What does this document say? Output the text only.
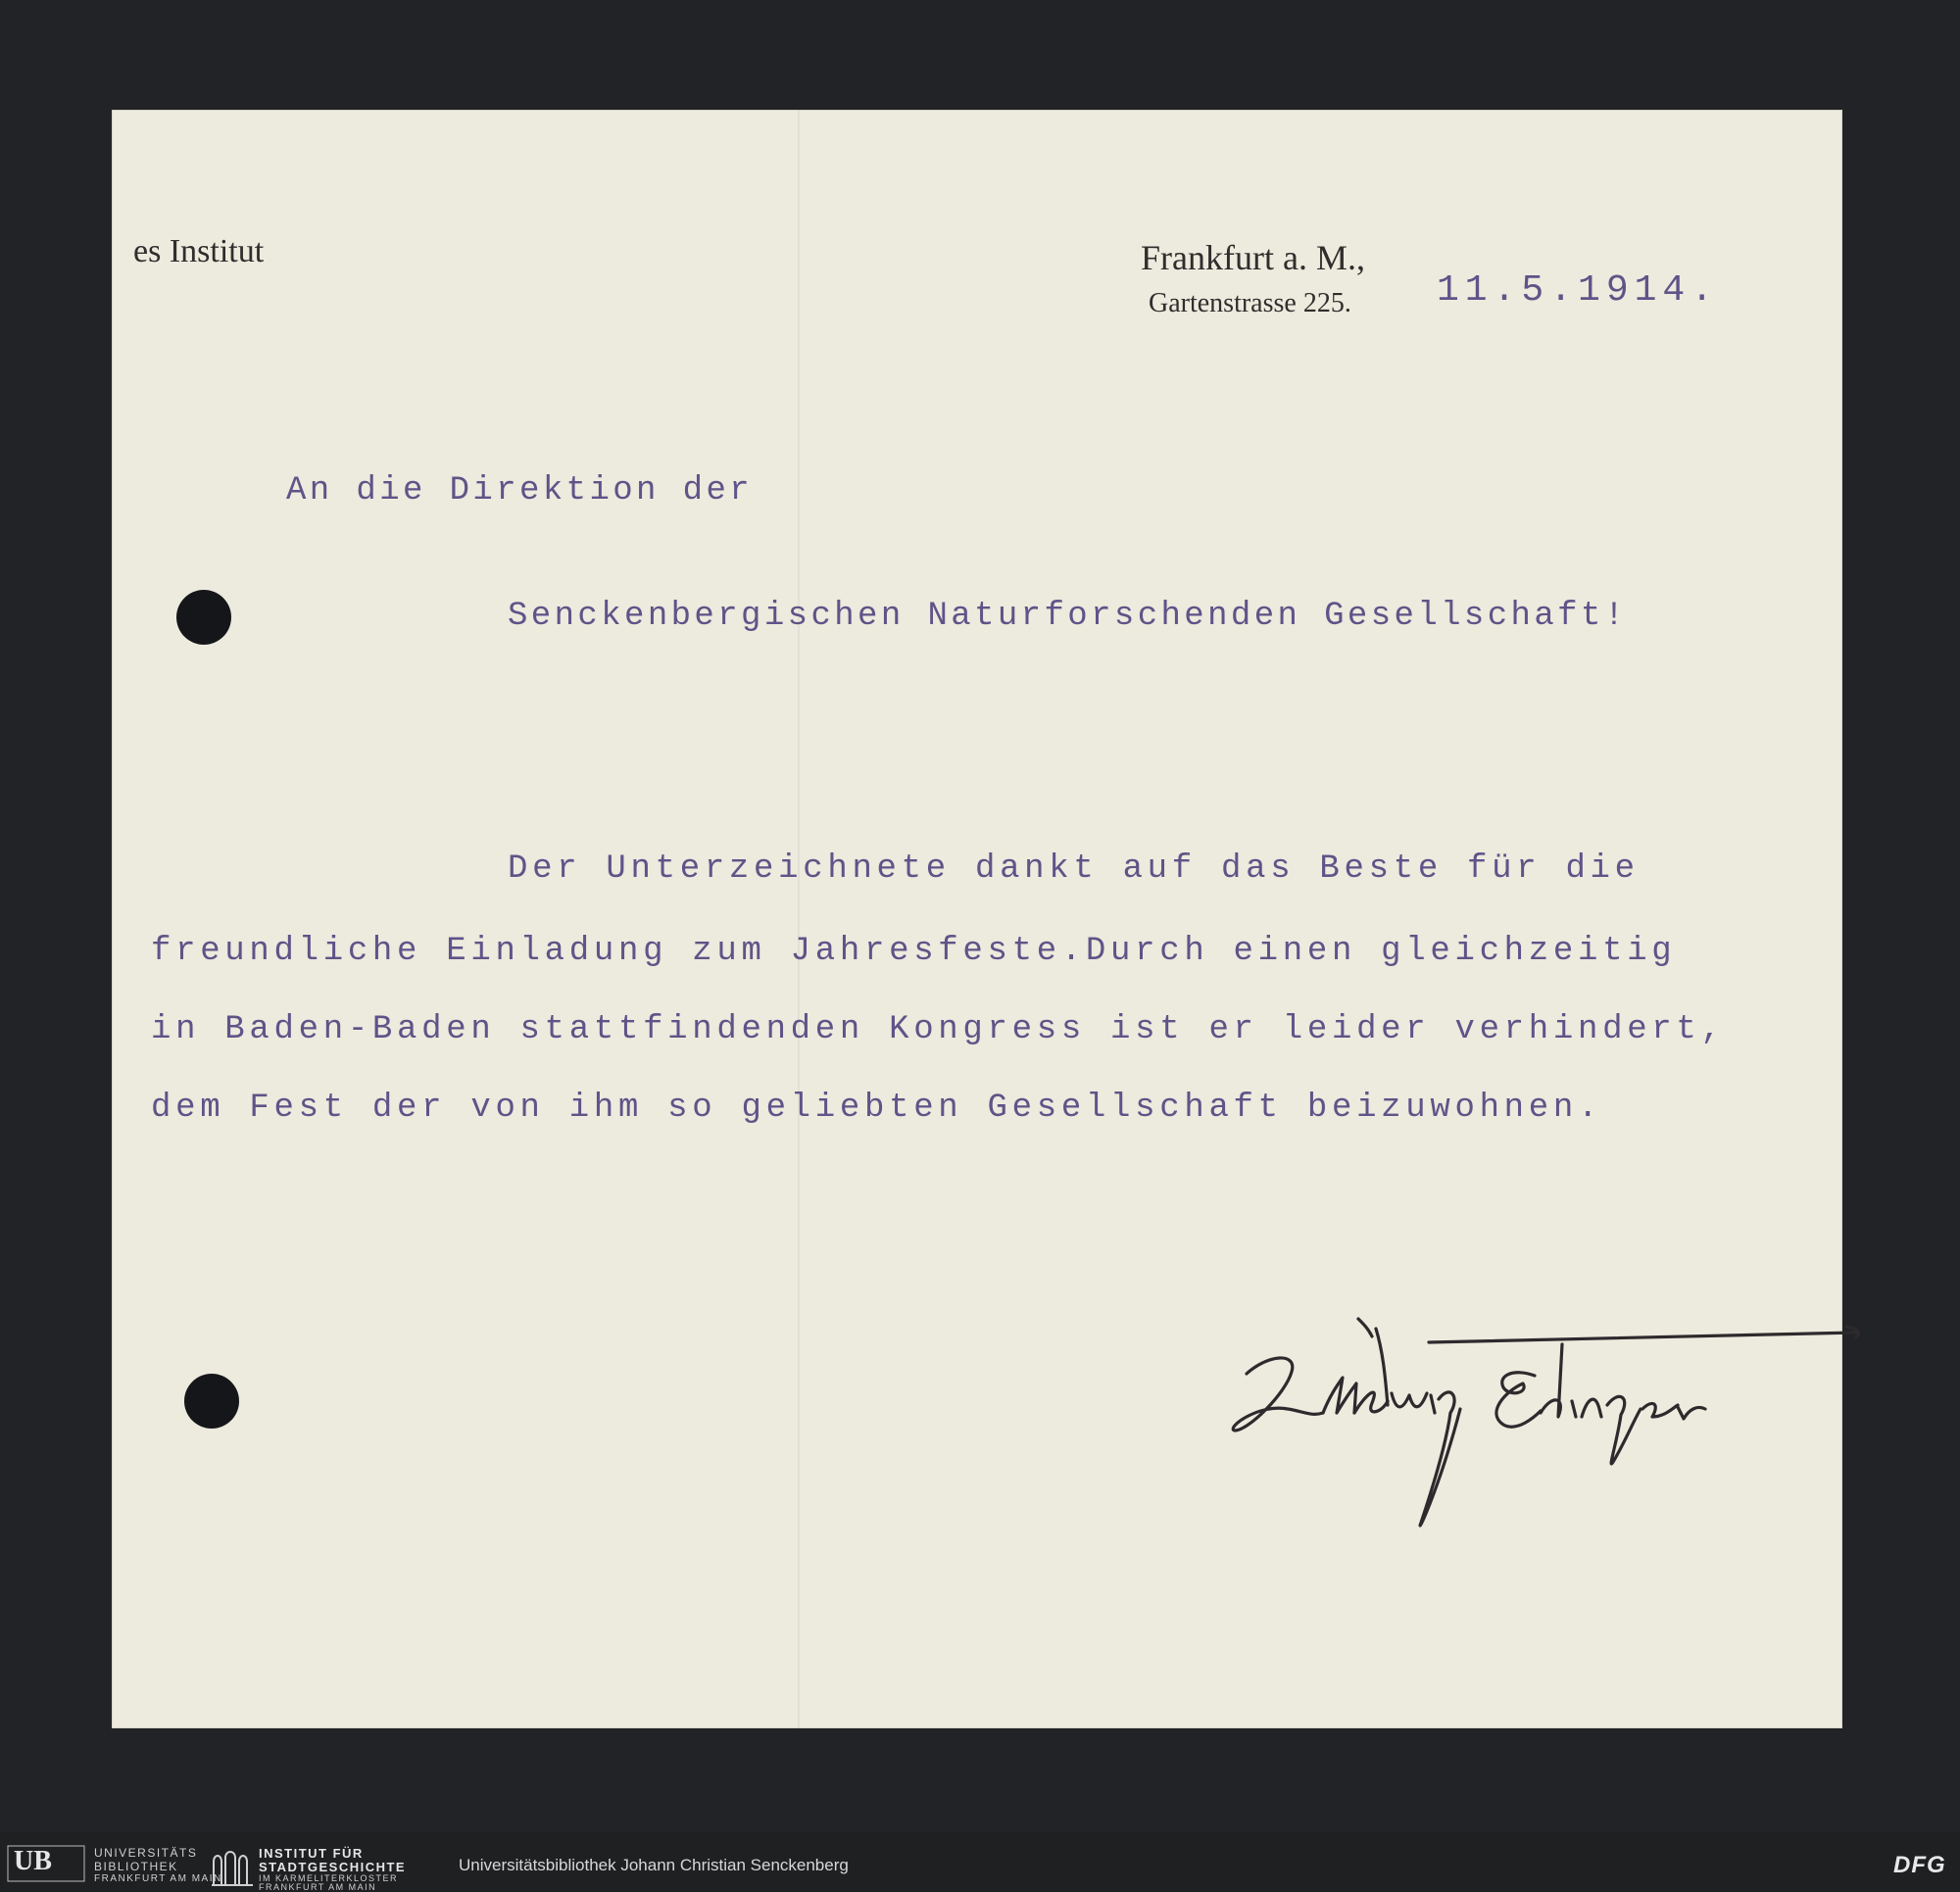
es Institut	Frankfurt a. M.,
Gartenstrasse 225. 11.5.1914.
An die Direktion der
Senckenbergischen Naturforschenden Gesellschaft!
Der Unterzeichnete dankt auf das Beste für die
freundliche Einladung zum Jahresfeste.Durch einen gleichzeitig
in Baden-Baden stattfindenden Kongress ist er leider verhindert,
dem Fest der von ihm so geliebten Gesellschaft beizuwohnen.
UB	UNIVERSITÄTS
BIBLIOTHEK
FRANKFURT AM MAIN
INSTITUT FÜR
STADTGESCHICHTE
IM KARMELITERKLOSTER
FRANKFURT AM MAIN
Universitätsbibliothek Johann Christian Senckenberg	DFG
